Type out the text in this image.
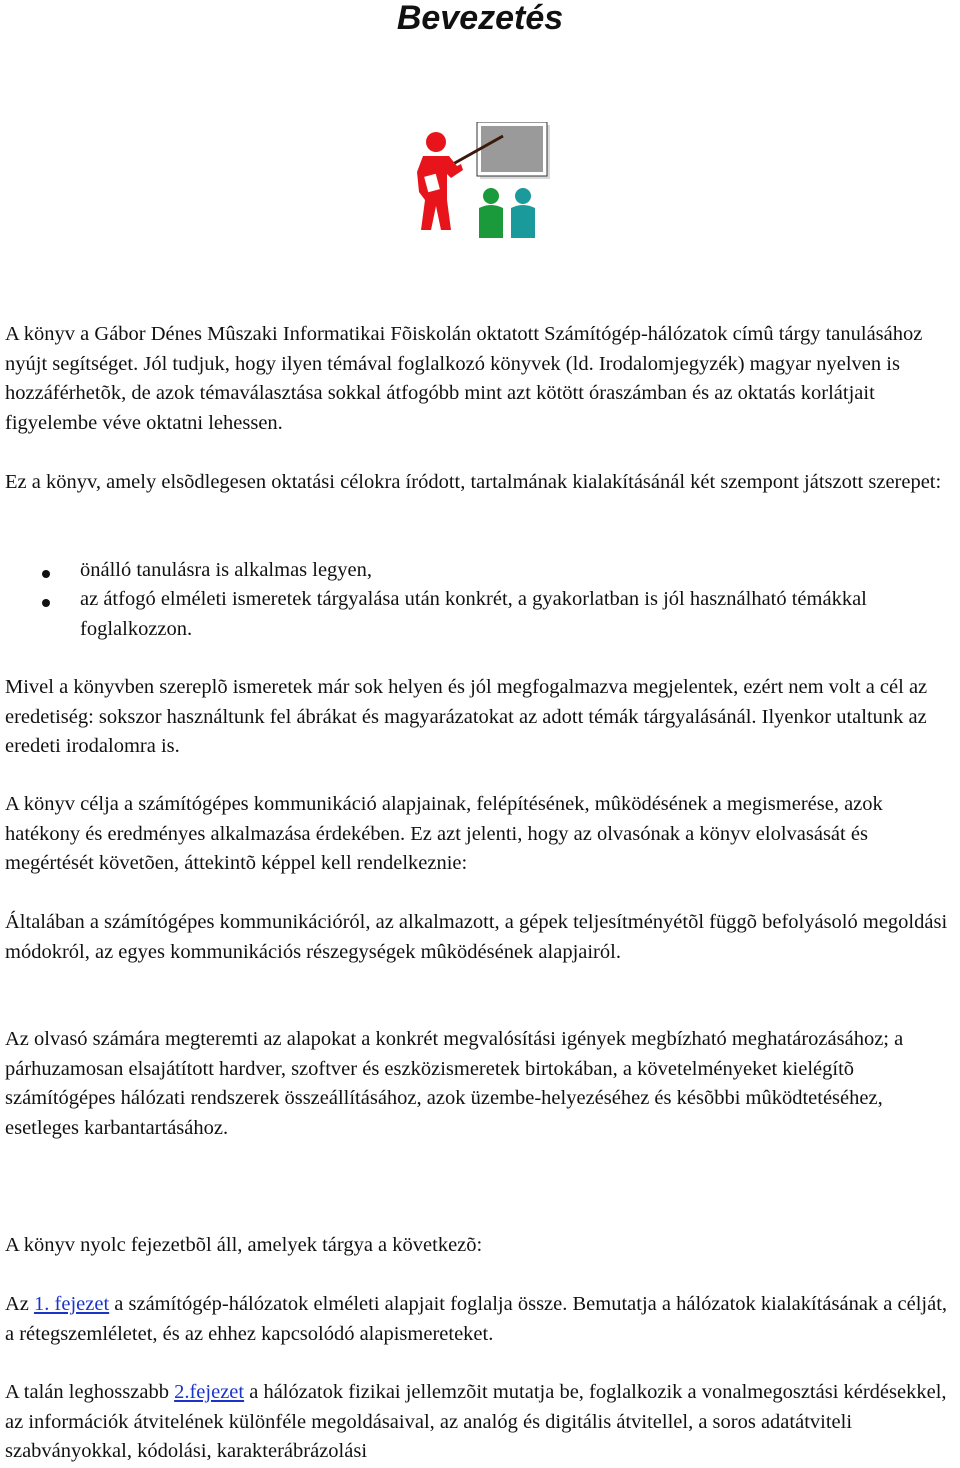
Bevezetés

A könyv a Gábor Dénes Mûszaki Informatikai Fõiskolán oktatott Számítógép-hálózatok címû tárgy tanulásához nyújt segítséget. Jól tudjuk, hogy ilyen témával foglalkozó könyvek (ld. Irodalomjegyzék) magyar nyelven is hozzáférhetõk, de azok témaválasztása sokkal átfogóbb mint azt kötött óraszámban és az oktatás korlátjait figyelembe véve oktatni lehessen.

Ez a könyv, amely elsõdlegesen oktatási célokra íródott, tartalmának kialakításánál két szempont játszott szerepet:

önálló tanulásra is alkalmas legyen,

az átfogó elméleti ismeretek tárgyalása után konkrét, a gyakorlatban is jól használható témákkal foglalkozzon.

Mivel a könyvben szereplõ ismeretek már sok helyen és jól megfogalmazva megjelentek, ezért nem volt a cél az eredetiség: sokszor használtunk fel ábrákat és magyarázatokat az adott témák tárgyalásánál. Ilyenkor utaltunk az eredeti irodalomra is.

A könyv célja a számítógépes kommunikáció alapjainak, felépítésének, mûködésének a megismerése, azok hatékony és eredményes alkalmazása érdekében. Ez azt jelenti, hogy az olvasónak a könyv elolvasását és megértését követõen, áttekintõ képpel kell rendelkeznie:

Általában a számítógépes kommunikációról, az alkalmazott, a gépek teljesítményétõl függõ befolyásoló megoldási módokról, az egyes kommunikációs részegységek mûködésének alapjairól.

Az olvasó számára megteremti az alapokat a konkrét megvalósítási igények megbízható meghatározásához; a párhuzamosan elsajátított hardver, szoftver és eszközismeretek birtokában, a követelményeket kielégítõ számítógépes hálózati rendszerek összeállításához, azok üzembe-helyezéséhez és késõbbi mûködtetéséhez, esetleges karbantartásához.

A könyv nyolc fejezetbõl áll, amelyek tárgya a következõ:

Az 1. fejezet a számítógép-hálózatok elméleti alapjait foglalja össze. Bemutatja a hálózatok kialakításának a célját, a rétegszemléletet, és az ehhez kapcsolódó alapismereteket.

A talán leghosszabb 2.fejezet a hálózatok fizikai jellemzõit mutatja be, foglalkozik a vonalmegosztási kérdésekkel, az információk átvitelének különféle megoldásaival, az analóg és digitális átvitellel, a soros adatátviteli szabványokkal, kódolási, karakterábrázolási
